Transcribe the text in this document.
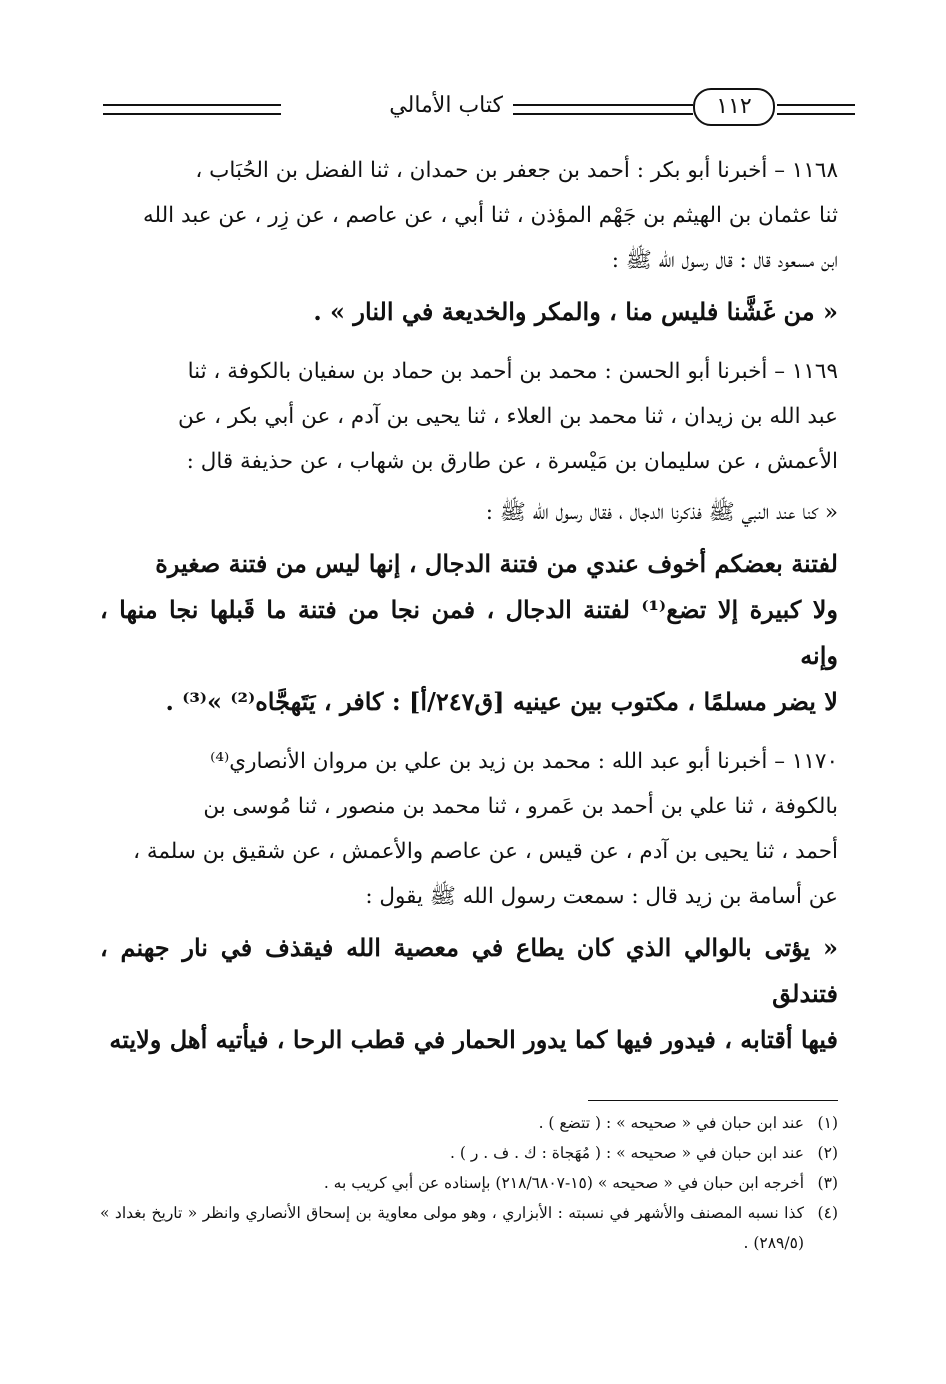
١١٢
كتاب الأمالي

١١٦٨ – أخبرنا أبو بكر : أحمد بن جعفر بن حمدان ، ثنا الفضل بن الحُبَاب ،

ثنا عثمان بن الهيثم بن جَهْم المؤذن ، ثنا أبي ، عن عاصم ، عن زِر ، عن عبد الله

ابن مسعود قال : قال رسول الله ﷺ :

« من غَشَّنا فليس منا ، والمكر والخديعة في النار » .

١١٦٩ – أخبرنا أبو الحسن : محمد بن أحمد بن حماد بن سفيان بالكوفة ، ثنا

عبد الله بن زيدان ، ثنا محمد بن العلاء ، ثنا يحيى بن آدم ، عن أبي بكر ، عن

الأعمش ، عن سليمان بن مَيْسرة ، عن طارق بن شهاب ، عن حذيفة قال :

« كنا عند النبي ﷺ فذكرنا الدجال ، فقال رسول الله ﷺ :

لفتنة بعضكم أخوف عندي من فتنة الدجال ، إنها ليس من فتنة صغيرة

ولا كبيرة إلا تضع⁽¹⁾ لفتنة الدجال ، فمن نجا من فتنة ما قَبلها نجا منها ، وإنه

لا يضر مسلمًا ، مكتوب بين عينيه [ق٢٤٧/أ] : كافر ، يَتَهجَّاه⁽²⁾ »⁽³⁾ .

١١٧٠ – أخبرنا أبو عبد الله : محمد بن زيد بن علي بن مروان الأنصاري⁽⁴⁾

بالكوفة ، ثنا علي بن أحمد بن عَمرو ، ثنا محمد بن منصور ، ثنا مُوسى بن

أحمد ، ثنا يحيى بن آدم ، عن قيس ، عن عاصم والأعمش ، عن شقيق بن سلمة ،

عن أسامة بن زيد قال : سمعت رسول الله ﷺ يقول :

« يؤتى بالوالي الذي كان يطاع في معصية الله فيقذف في نار جهنم ، فتندلق

فيها أقتابه ، فيدور فيها كما يدور الحمار في قطب الرحا ، فيأتيه أهل ولايته

(١)
عند ابن حبان في « صحيحه » : ( تتضع ) .

(٢)
عند ابن حبان في « صحيحه » : ( مُهَجاة : ك . ف . ر ) .

(٣)
أخرجه ابن حبان في « صحيحه » (١٥-٢١٨/٦٨٠٧) بإسناده عن أبي كريب به .

(٤)
كذا نسبه المصنف والأشهر في نسبته : الأبزاري ، وهو مولى معاوية بن إسحاق الأنصاري وانظر « تاريخ بغداد » (٢٨٩/٥) .
